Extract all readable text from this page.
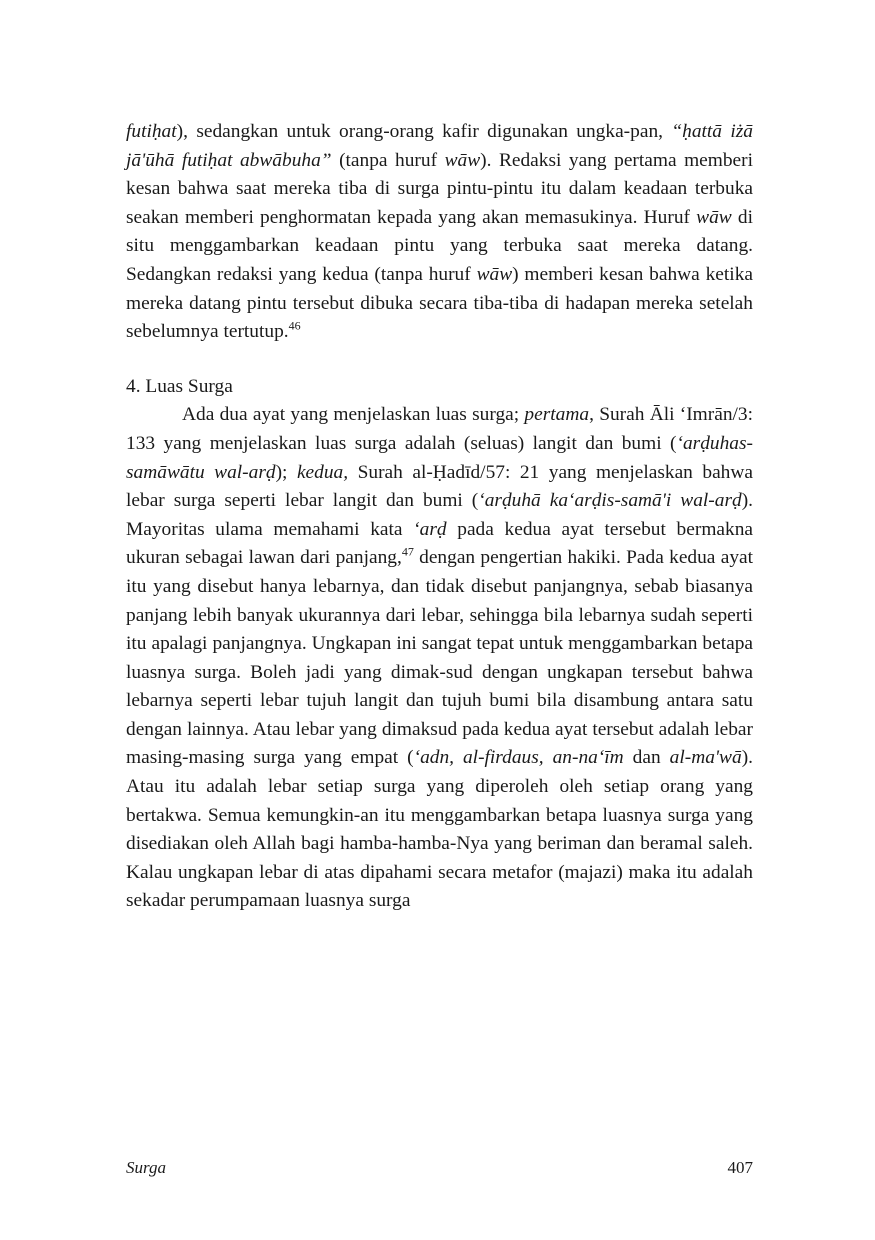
futiḥat), sedangkan untuk orang-orang kafir digunakan ungka-pan, “ḥattā iżā jā'ūhā futiḥat abwābuha” (tanpa huruf wāw). Redaksi yang pertama memberi kesan bahwa saat mereka tiba di surga pintu-pintu itu dalam keadaan terbuka seakan memberi penghormatan kepada yang akan memasukinya. Huruf wāw di situ menggambarkan keadaan pintu yang terbuka saat mereka datang. Sedangkan redaksi yang kedua (tanpa huruf wāw) memberi kesan bahwa ketika mereka datang pintu tersebut dibuka secara tiba-tiba di hadapan mereka setelah sebelumnya tertutup.$^{46}$

4. Luas Surga

Ada dua ayat yang menjelaskan luas surga; pertama, Surah Āli ‘Imrān/3: 133 yang menjelaskan luas surga adalah (seluas) langit dan bumi (‘arḍuhas-samāwātu wal-arḍ); kedua, Surah al-Ḥadīd/57: 21 yang menjelaskan bahwa lebar surga seperti lebar langit dan bumi (‘arḍuhā ka‘arḍis-samā'i wal-arḍ). Mayoritas ulama memahami kata ‘arḍ pada kedua ayat tersebut bermakna ukuran sebagai lawan dari panjang,$^{47}$ dengan pengertian hakiki. Pada kedua ayat itu yang disebut hanya lebarnya, dan tidak disebut panjangnya, sebab biasanya panjang lebih banyak ukurannya dari lebar, sehingga bila lebarnya sudah seperti itu apalagi panjangnya. Ungkapan ini sangat tepat untuk menggambarkan betapa luasnya surga. Boleh jadi yang dimak-sud dengan ungkapan tersebut bahwa lebarnya seperti lebar tujuh langit dan tujuh bumi bila disambung antara satu dengan lainnya. Atau lebar yang dimaksud pada kedua ayat tersebut adalah lebar masing-masing surga yang empat (‘adn, al-firdaus, an-na‘īm dan al-ma'wā). Atau itu adalah lebar setiap surga yang diperoleh oleh setiap orang yang bertakwa. Semua kemungkin-an itu menggambarkan betapa luasnya surga yang disediakan oleh Allah bagi hamba-hamba-Nya yang beriman dan beramal saleh. Kalau ungkapan lebar di atas dipahami secara metafor (majazi) maka itu adalah sekadar perumpamaan luasnya surga

Surga	407
